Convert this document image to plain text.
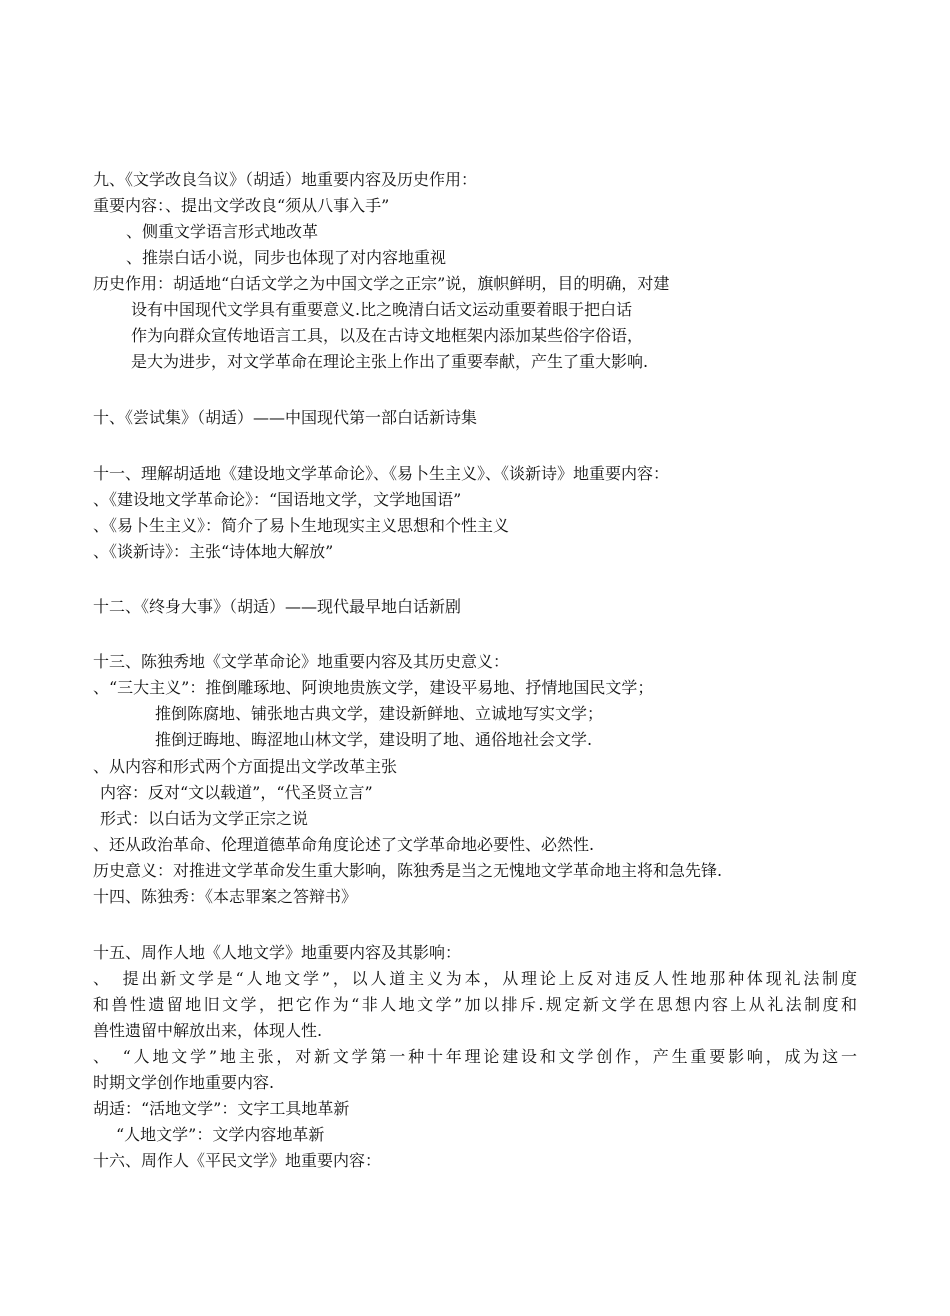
九、《文学改良刍议》（胡适）地重要内容及历史作用：
重要内容：、提出文学改良“须从八事入手”
、侧重文学语言形式地改革
、推崇白话小说，同步也体现了对内容地重视
历史作用：胡适地“白话文学之为中国文学之正宗”说，旗帜鲜明，目的明确，对建
设有中国现代文学具有重要意义.比之晚清白话文运动重要着眼于把白话
作为向群众宣传地语言工具，以及在古诗文地框架内添加某些俗字俗语，
是大为进步，对文学革命在理论主张上作出了重要奉献，产生了重大影响.
十、《尝试集》（胡适）——中国现代第一部白话新诗集
十一、理解胡适地《建设地文学革命论》、《易卜生主义》、《谈新诗》地重要内容：
、《建设地文学革命论》：“国语地文学，文学地国语”
、《易卜生主义》：简介了易卜生地现实主义思想和个性主义
、《谈新诗》：主张“诗体地大解放”
十二、《终身大事》（胡适）——现代最早地白话新剧
十三、陈独秀地《文学革命论》地重要内容及其历史意义：
、“三大主义”：推倒雕琢地、阿谀地贵族文学，建设平易地、抒情地国民文学；
推倒陈腐地、铺张地古典文学，建设新鲜地、立诚地写实文学；
推倒迂晦地、晦涩地山林文学，建设明了地、通俗地社会文学.
、从内容和形式两个方面提出文学改革主张
内容：反对“文以载道”，“代圣贤立言”
形式：以白话为文学正宗之说
、还从政治革命、伦理道德革命角度论述了文学革命地必要性、必然性.
历史意义：对推进文学革命发生重大影响，陈独秀是当之无愧地文学革命地主将和急先锋.
十四、陈独秀：《本志罪案之答辩书》
十五、周作人地《人地文学》地重要内容及其影响：
、　提出新文学是“人地文学”，以人道主义为本，从理论上反对违反人性地那种体现礼法制度
和兽性遗留地旧文学，把它作为“非人地文学”加以排斥.规定新文学在思想内容上从礼法制度和
兽性遗留中解放出来，体现人性.
、　“人地文学”地主张，对新文学第一种十年理论建设和文学创作，产生重要影响，成为这一
时期文学创作地重要内容.
胡适：“活地文学”：文字工具地革新
“人地文学”：文学内容地革新
十六、周作人《平民文学》地重要内容：
